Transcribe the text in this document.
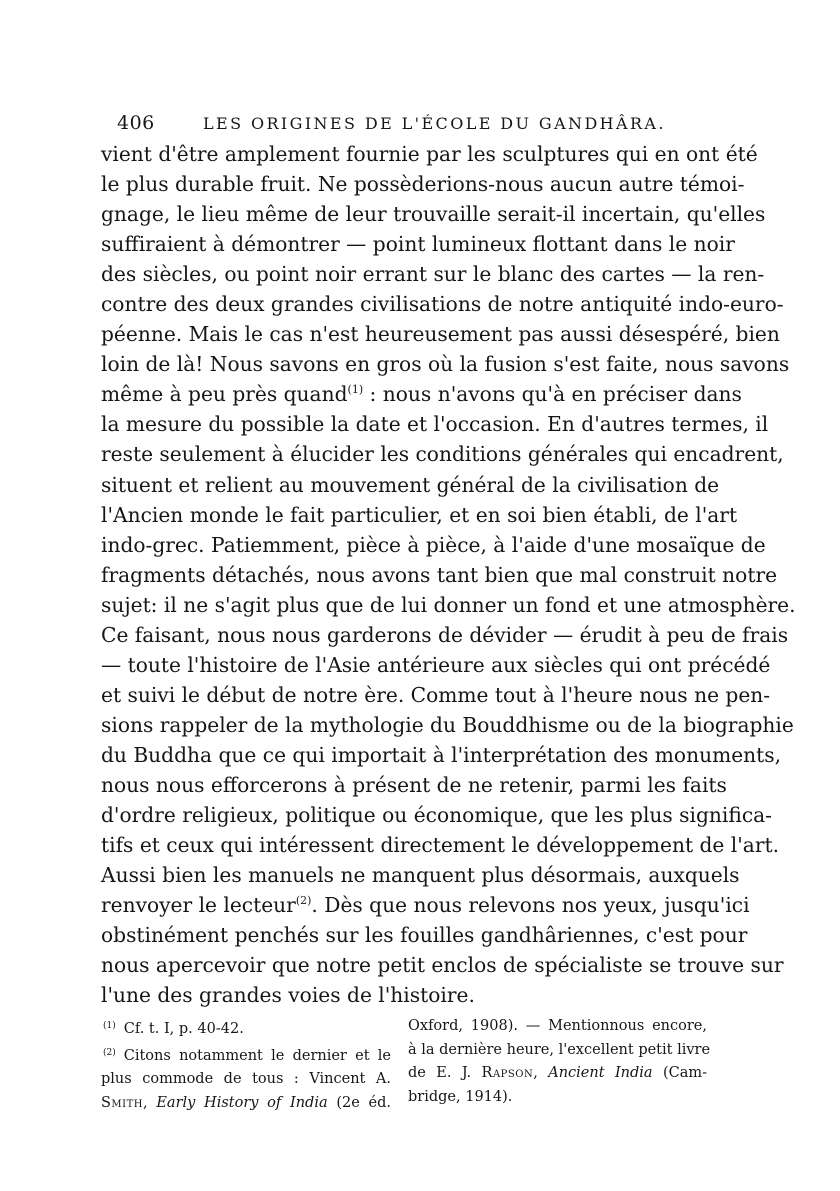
406	LES ORIGINES DE L'ÉCOLE DU GANDHÂRA.
vient d'être amplement fournie par les sculptures qui en ont été
le plus durable fruit. Ne possèderions-nous aucun autre témoi-
gnage, le lieu même de leur trouvaille serait-il incertain, qu'elles
suffiraient à démontrer — point lumineux flottant dans le noir
des siècles, ou point noir errant sur le blanc des cartes — la ren-
contre des deux grandes civilisations de notre antiquité indo-euro-
péenne. Mais le cas n'est heureusement pas aussi désespéré, bien
loin de là! Nous savons en gros où la fusion s'est faite, nous savons
même à peu près quand$^{(1)}$ : nous n'avons qu'à en préciser dans
la mesure du possible la date et l'occasion. En d'autres termes, il
reste seulement à élucider les conditions générales qui encadrent,
situent et relient au mouvement général de la civilisation de
l'Ancien monde le fait particulier, et en soi bien établi, de l'art
indo-grec. Patiemment, pièce à pièce, à l'aide d'une mosaïque de
fragments détachés, nous avons tant bien que mal construit notre
sujet: il ne s'agit plus que de lui donner un fond et une atmosphère.
Ce faisant, nous nous garderons de dévider — érudit à peu de frais
— toute l'histoire de l'Asie antérieure aux siècles qui ont précédé
et suivi le début de notre ère. Comme tout à l'heure nous ne pen-
sions rappeler de la mythologie du Bouddhisme ou de la biographie
du Buddha que ce qui importait à l'interprétation des monuments,
nous nous efforcerons à présent de ne retenir, parmi les faits
d'ordre religieux, politique ou économique, que les plus significa-
tifs et ceux qui intéressent directement le développement de l'art.
Aussi bien les manuels ne manquent plus désormais, auxquels
renvoyer le lecteur$^{(2)}$. Dès que nous relevons nos yeux, jusqu'ici
obstinément penchés sur les fouilles gandhâriennes, c'est pour
nous apercevoir que notre petit enclos de spécialiste se trouve sur
l'une des grandes voies de l'histoire.
$^{(1)}$ Cf. t. I, p. 40-42.
$^{(2)}$ Citons notamment le dernier et le
plus commode de tous : Vincent A.
Smith, Early History of India (2e éd.
Oxford, 1908). — Mentionnous encore,
à la dernière heure, l'excellent petit livre
de E. J. Rapson, Ancient India (Cam-
bridge, 1914).
